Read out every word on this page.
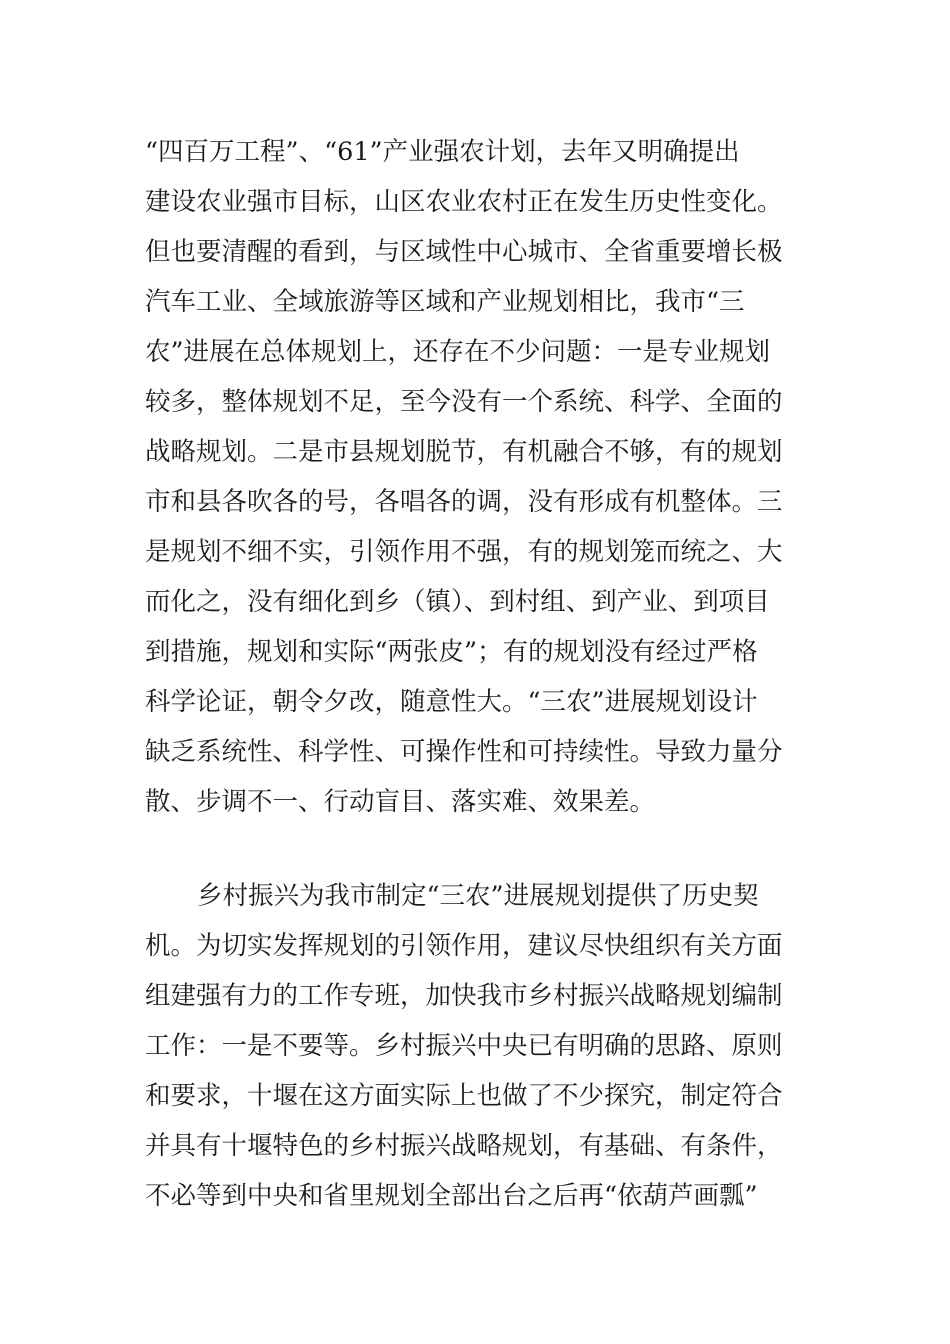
“四百万工程”、“61”产业强农计划，去年又明确提出
建设农业强市目标，山区农业农村正在发生历史性变化。
但也要清醒的看到，与区域性中心城市、全省重要增长极
汽车工业、全域旅游等区域和产业规划相比，我市“三
农”进展在总体规划上，还存在不少问题：一是专业规划
较多，整体规划不足，至今没有一个系统、科学、全面的
战略规划。二是市县规划脱节，有机融合不够，有的规划
市和县各吹各的号，各唱各的调，没有形成有机整体。三
是规划不细不实，引领作用不强，有的规划笼而统之、大
而化之，没有细化到乡（镇）、到村组、到产业、到项目
到措施，规划和实际“两张皮”；有的规划没有经过严格
科学论证，朝令夕改，随意性大。“三农”进展规划设计
缺乏系统性、科学性、可操作性和可持续性。导致力量分
散、步调不一、行动盲目、落实难、效果差。
乡村振兴为我市制定“三农”进展规划提供了历史契
机。为切实发挥规划的引领作用，建议尽快组织有关方面
组建强有力的工作专班，加快我市乡村振兴战略规划编制
工作：一是不要等。乡村振兴中央已有明确的思路、原则
和要求，十堰在这方面实际上也做了不少探究，制定符合
并具有十堰特色的乡村振兴战略规划，有基础、有条件，
不必等到中央和省里规划全部出台之后再“依葫芦画瓢”
